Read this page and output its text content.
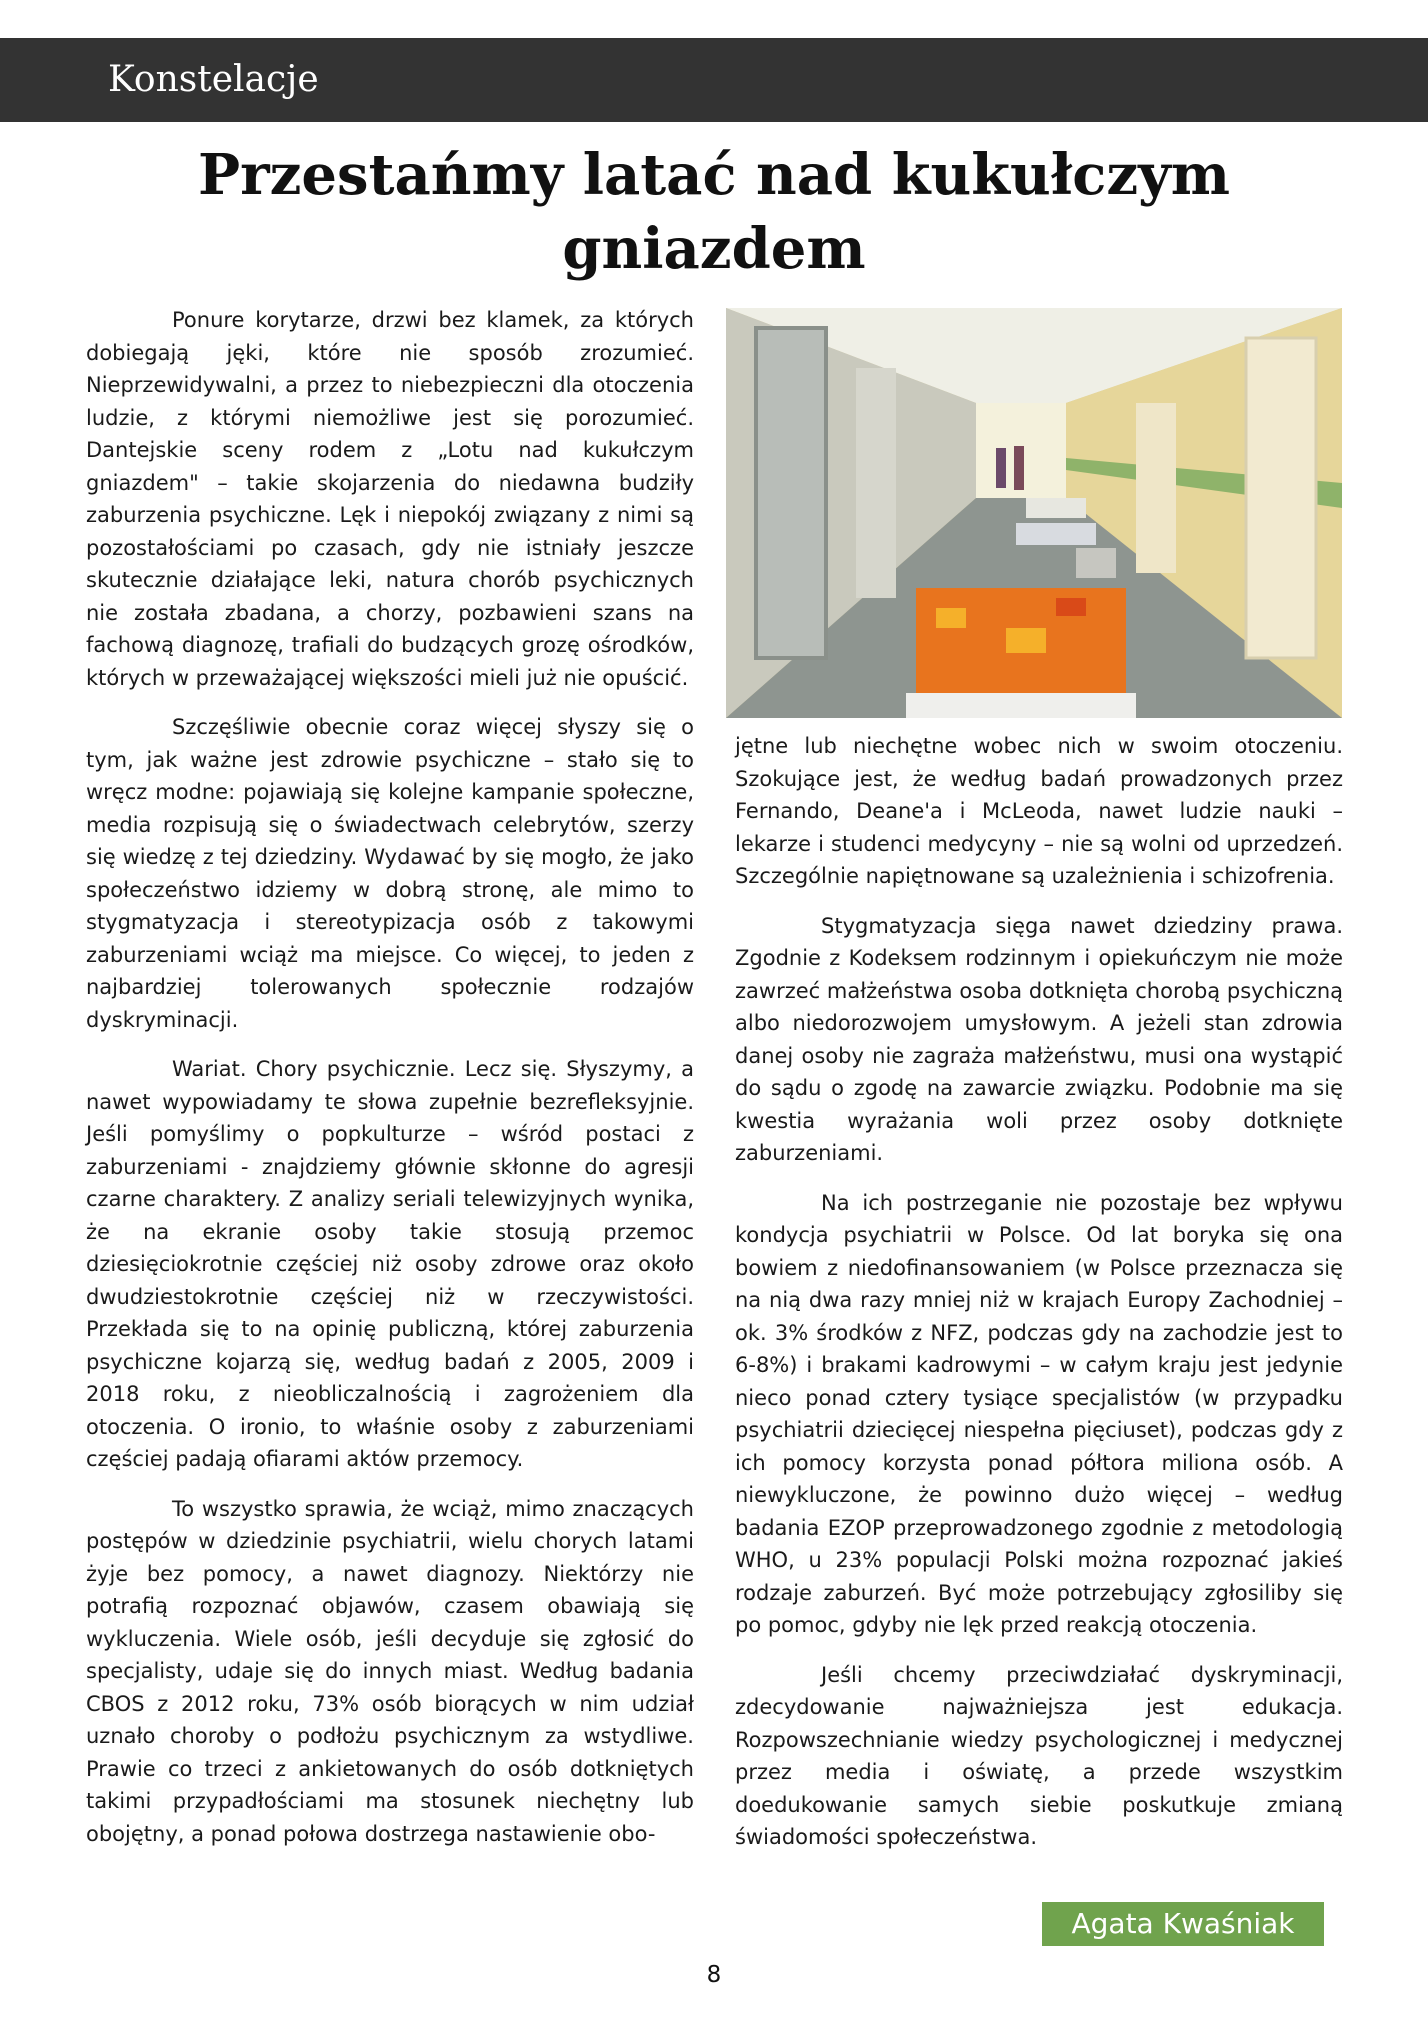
Konstelacje
Przestańmy latać nad kukułczym gniazdem

Ponure korytarze, drzwi bez klamek, za których dobiegają jęki, które nie sposób zrozumieć. Nieprzewidywalni, a przez to niebezpieczni dla otoczenia ludzie, z którymi niemożliwe jest się porozumieć. Dantejskie sceny rodem z „Lotu nad kukułczym gniazdem" – takie skojarzenia do niedawna budziły zaburzenia psychiczne. Lęk i niepokój związany z nimi są pozostałościami po czasach, gdy nie istniały jeszcze skutecznie działające leki, natura chorób psychicznych nie została zbadana, a chorzy, pozbawieni szans na fachową diagnozę, trafiali do budzących grozę ośrodków, których w przeważającej większości mieli już nie opuścić.

Szczęśliwie obecnie coraz więcej słyszy się o tym, jak ważne jest zdrowie psychiczne – stało się to wręcz modne: pojawiają się kolejne kampanie społeczne, media rozpisują się o świadectwach celebrytów, szerzy się wiedzę z tej dziedziny. Wydawać by się mogło, że jako społeczeństwo idziemy w dobrą stronę, ale mimo to stygmatyzacja i stereotypizacja osób z takowymi zaburzeniami wciąż ma miejsce. Co więcej, to jeden z najbardziej tolerowanych społecznie rodzajów dyskryminacji.

Wariat. Chory psychicznie. Lecz się. Słyszymy, a nawet wypowiadamy te słowa zupełnie bezrefleksyjnie. Jeśli pomyślimy o popkulturze – wśród postaci z zaburzeniami - znajdziemy głównie skłonne do agresji czarne charaktery. Z analizy seriali telewizyjnych wynika, że na ekranie osoby takie stosują przemoc dziesięciokrotnie częściej niż osoby zdrowe oraz około dwudziestokrotnie częściej niż w rzeczywistości. Przekłada się to na opinię publiczną, której zaburzenia psychiczne kojarzą się, według badań z 2005, 2009 i 2018 roku, z nieobliczalnością i zagrożeniem dla otoczenia. O ironio, to właśnie osoby z zaburzeniami częściej padają ofiarami aktów przemocy.

To wszystko sprawia, że wciąż, mimo znaczących postępów w dziedzinie psychiatrii, wielu chorych latami żyje bez pomocy, a nawet diagnozy. Niektórzy nie potrafią rozpoznać objawów, czasem obawiają się wykluczenia. Wiele osób, jeśli decyduje się zgłosić do specjalisty, udaje się do innych miast. Według badania CBOS z 2012 roku, 73% osób biorących w nim udział uznało choroby o podłożu psychicznym za wstydliwe. Prawie co trzeci z ankietowanych do osób dotkniętych takimi przypadłościami ma stosunek niechętny lub obojętny, a ponad połowa dostrzega nastawienie obo-

jętne lub niechętne wobec nich w swoim otoczeniu. Szokujące jest, że według badań prowadzonych przez Fernando, Deane'a i McLeoda, nawet ludzie nauki – lekarze i studenci medycyny – nie są wolni od uprzedzeń. Szczególnie napiętnowane są uzależnienia i schizofrenia.

Stygmatyzacja sięga nawet dziedziny prawa. Zgodnie z Kodeksem rodzinnym i opiekuńczym nie może zawrzeć małżeństwa osoba dotknięta chorobą psychiczną albo niedorozwojem umysłowym. A jeżeli stan zdrowia danej osoby nie zagraża małżeństwu, musi ona wystąpić do sądu o zgodę na zawarcie związku. Podobnie ma się kwestia wyrażania woli przez osoby dotknięte zaburzeniami.

Na ich postrzeganie nie pozostaje bez wpływu kondycja psychiatrii w Polsce. Od lat boryka się ona bowiem z niedofinansowaniem (w Polsce przeznacza się na nią dwa razy mniej niż w krajach Europy Zachodniej – ok. 3% środków z NFZ, podczas gdy na zachodzie jest to 6-8%) i brakami kadrowymi – w całym kraju jest jedynie nieco ponad cztery tysiące specjalistów (w przypadku psychiatrii dziecięcej niespełna pięciuset), podczas gdy z ich pomocy korzysta ponad półtora miliona osób. A niewykluczone, że powinno dużo więcej – według badania EZOP przeprowadzonego zgodnie z metodologią WHO, u 23% populacji Polski można rozpoznać jakieś rodzaje zaburzeń. Być może potrzebujący zgłosiliby się po pomoc, gdyby nie lęk przed reakcją otoczenia.

Jeśli chcemy przeciwdziałać dyskryminacji, zdecydowanie najważniejsza jest edukacja. Rozpowszechnianie wiedzy psychologicznej i medycznej przez media i oświatę, a przede wszystkim doedukowanie samych siebie poskutkuje zmianą świadomości społeczeństwa.

Agata Kwaśniak
8
